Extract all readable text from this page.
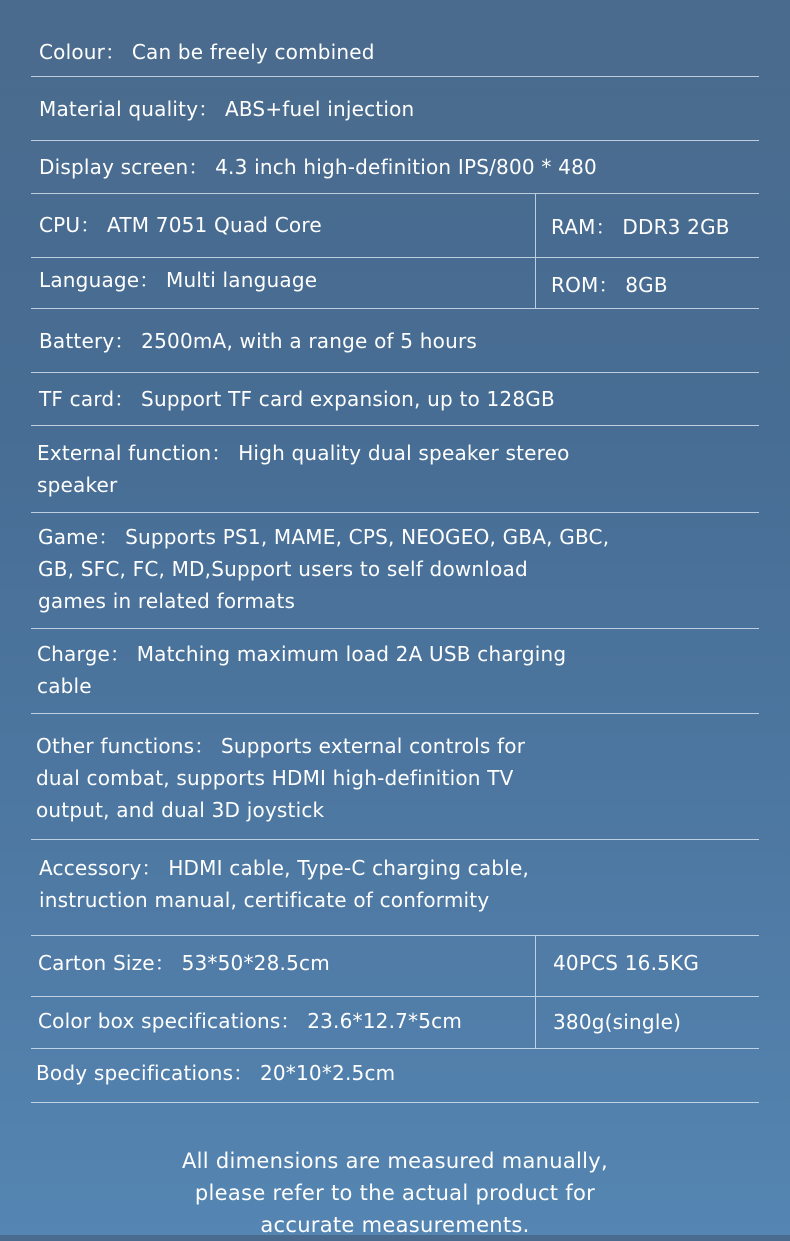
Colour： Can be freely combined
Material quality： ABS+fuel injection
Display screen： 4.3 inch high-definition IPS/800 * 480
CPU： ATM 7051 Quad Core	RAM： DDR3 2GB
Language： Multi language	ROM： 8GB
Battery： 2500mA, with a range of 5 hours
TF card： Support TF card expansion, up to 128GB
External function： High quality dual speaker stereo
speaker
Game： Supports PS1, MAME, CPS, NEOGEO, GBA, GBC,
GB, SFC, FC, MD,Support users to self download
games in related formats
Charge： Matching maximum load 2A USB charging
cable
Other functions： Supports external controls for
dual combat, supports HDMI high-definition TV
output, and dual 3D joystick
Accessory： HDMI cable, Type-C charging cable,
instruction manual, certificate of conformity
Carton Size： 53*50*28.5cm	40PCS 16.5KG
Color box specifications： 23.6*12.7*5cm	380g(single)
Body specifications： 20*10*2.5cm
All dimensions are measured manually,
please refer to the actual product for
accurate measurements.
